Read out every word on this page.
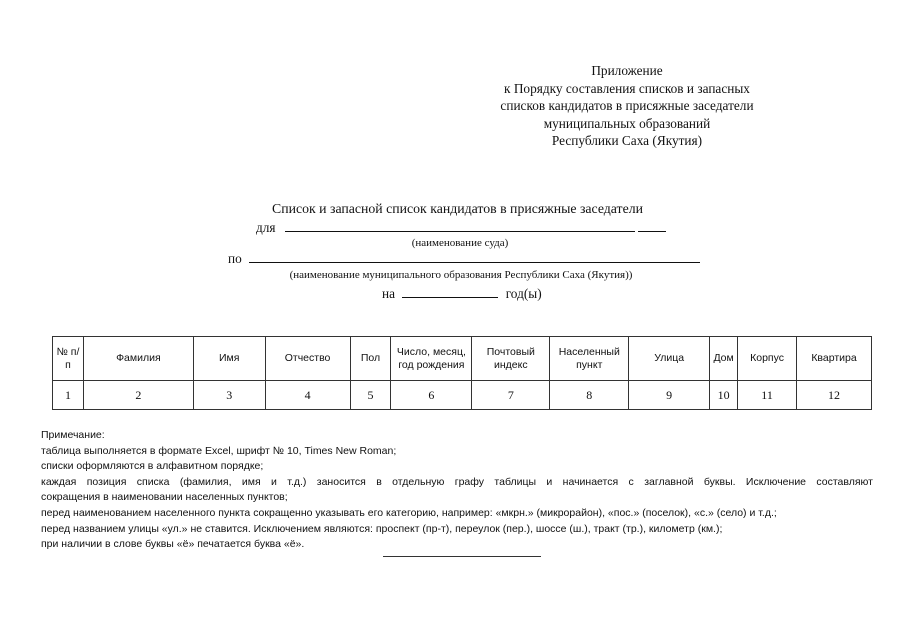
Приложение
к Порядку составления списков и запасных
списков кандидатов в присяжные заседатели
муниципальных образований
Республики Саха (Якутия)
Список и запасной список кандидатов в присяжные заседатели
для
(наименование суда)
по
(наименование муниципального образования Республики Саха (Якутия))
на	год(ы)
№ п/п	Фамилия	Имя	Отчество	Пол	Число, месяц, год рождения	Почтовый индекс	Населенный пункт	Улица	Дом	Корпус	Квартира
1	2	3	4	5	6	7	8	9	10	11	12
Примечание:
таблица выполняется в формате Excel, шрифт № 10, Times New Roman;
списки оформляются в алфавитном порядке;
каждая позиция списка (фамилия, имя и т.д.) заносится в отдельную графу таблицы и начинается с заглавной буквы. Исключение составляют
сокращения в наименовании населенных пунктов;
перед наименованием населенного пункта сокращенно указывать его категорию, например: «мкрн.» (микрорайон), «пос.» (поселок), «с.» (село) и т.д.;
перед названием улицы «ул.» не ставится. Исключением являются: проспект (пр-т), переулок (пер.), шоссе (ш.), тракт (тр.), километр (км.);
при наличии в слове буквы «ё» печатается буква «ё».
